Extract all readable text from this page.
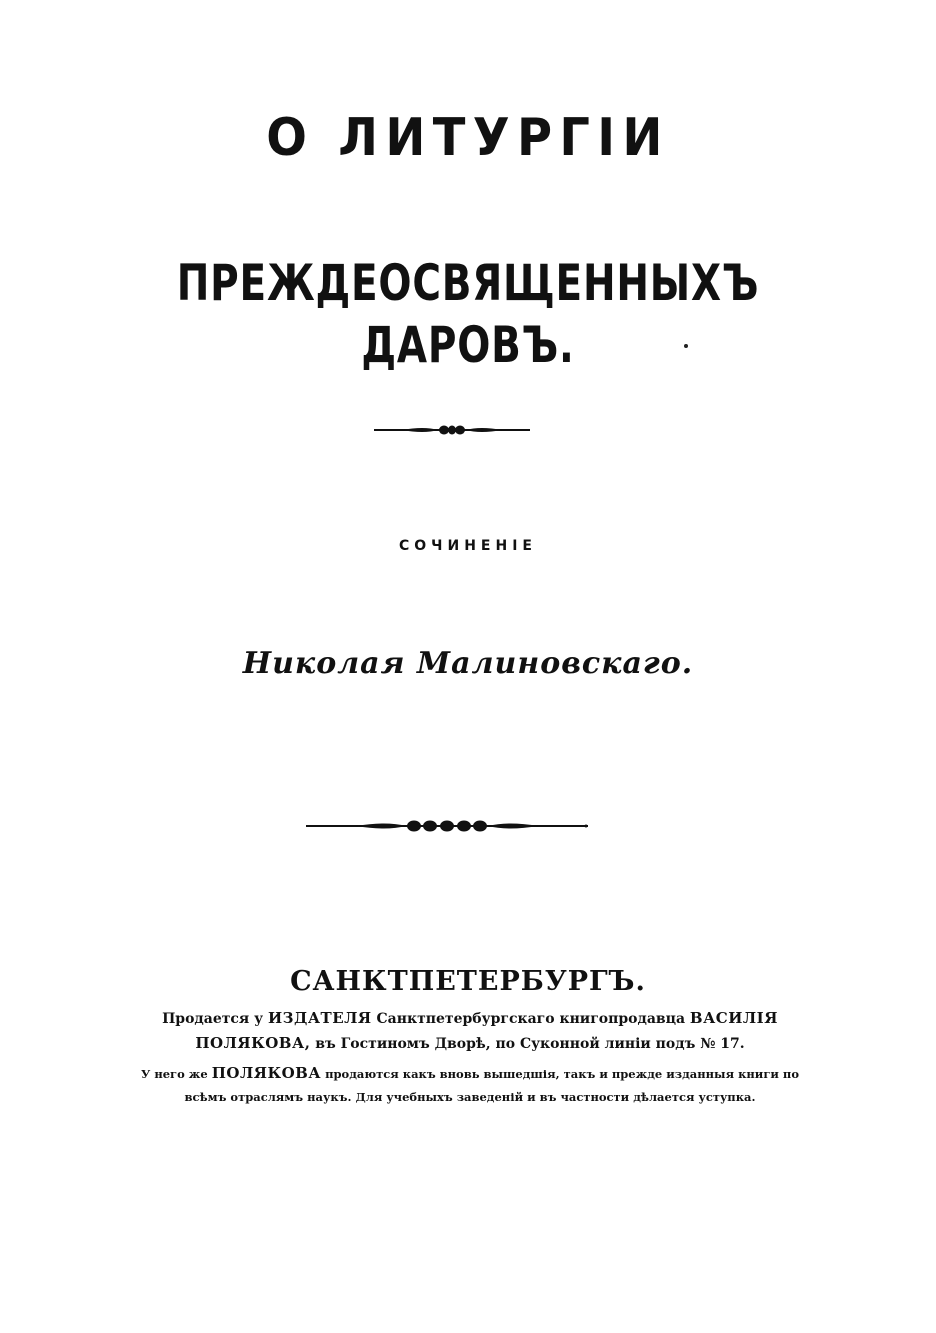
О ЛИТУРГІИ
ПРЕЖДЕОСВЯЩЕННЫХЪ ДАРОВЪ.
СОЧИНЕНІЕ
Николая Малиновскаго.
САНКТПЕТЕРБУРГЪ.
Продается у ИЗДАТЕЛЯ Санктпетербургскаго книгопродавца ВАСИЛІЯ ПОЛЯКОВА, въ Гостиномъ Дворѣ, по Суконной линіи подъ № 17.
У него же ПОЛЯКОВА продаются какъ вновь вышедшія, такъ и прежде изданныя книги по всѣмъ отраслямъ наукъ. Для учебныхъ заведеній и въ частности дѣлается уступка.
